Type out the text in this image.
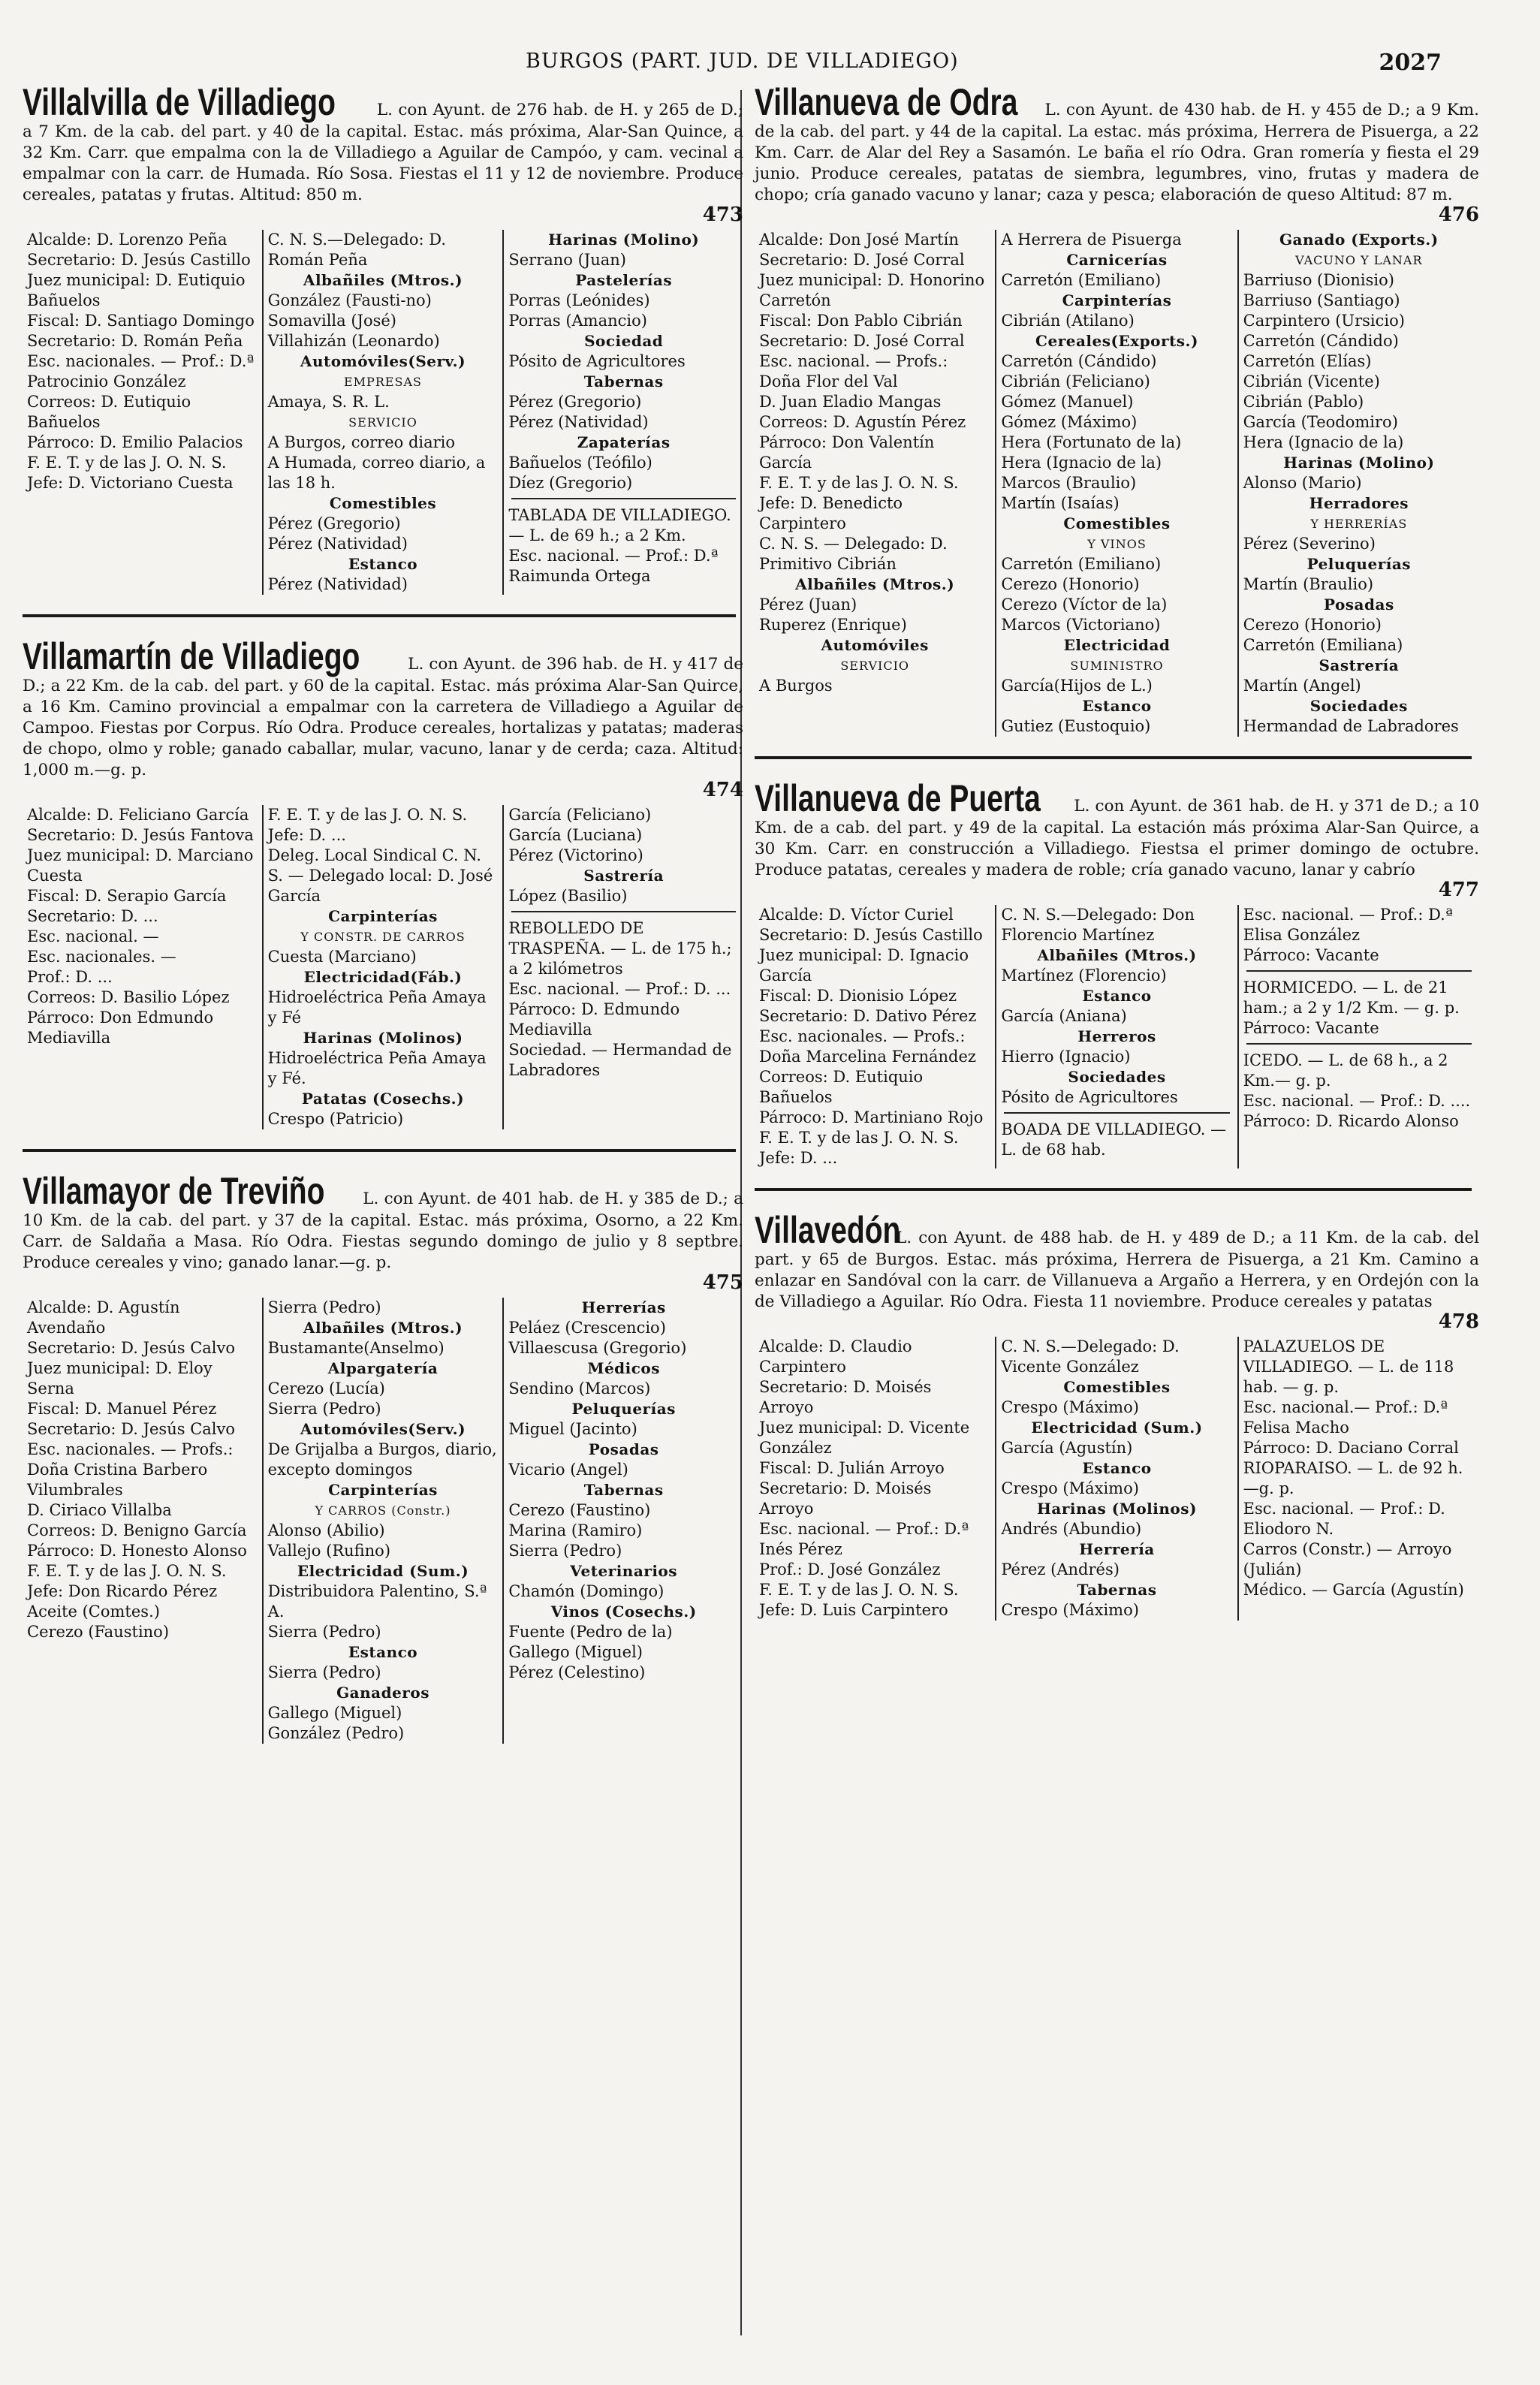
BURGOS (PART. JUD. DE VILLADIEGO)	2027
Villalvilla de Villadiego L. con Ayunt. de 276 hab. de H. y 265 de D.; a 7 Km. de la cab. del part. y 40 de la capital. Estac. más próxima, Alar-San Quince, a 32 Km. Carr. que empalma con la de Villadiego a Aguilar de Campóo, y cam. vecinal a empalmar con la carr. de Humada. Río Sosa. Fiestas el 11 y 12 de noviembre. Produce cereales, patatas y frutas. Altitud: 850 m.
473
Alcalde: D. Lorenzo Peña
Secretario: D. Jesús Castillo
Juez municipal: D. Eutiquio Bañuelos
Fiscal: D. Santiago Domingo
Secretario: D. Román Peña
Esc. nacionales. — Prof.: D.ª Patrocinio González
Correos: D. Eutiquio Bañuelos
Párroco: D. Emilio Palacios
F. E. T. y de las J. O. N. S.
Jefe: D. Victoriano Cuesta
C. N. S.—Delegado: D. Román Peña
Albañiles (Mtros.)
González (Fausti-no)
Somavilla (José)
Villahizán (Leonardo)
Automóviles(Serv.)
EMPRESAS
Amaya, S. R. L.
SERVICIO
A Burgos, correo diario
A Humada, correo diario, a las 18 h.
Comestibles
Pérez (Gregorio)
Pérez (Natividad)
Estanco
Pérez (Natividad)
Harinas (Molino)
Serrano (Juan)
Pastelerías
Porras (Leónides)
Porras (Amancio)
Sociedad
Pósito de Agricultores
Tabernas
Pérez (Gregorio)
Pérez (Natividad)
Zapaterías
Bañuelos (Teófilo)
Díez (Gregorio)
TABLADA DE VILLADIEGO. — L. de 69 h.; a 2 Km.
Esc. nacional. — Prof.: D.ª Raimunda Ortega
Villamartín de Villadiego	L. con Ayunt. de 396 hab. de H. y 417 de D.; a 22 Km. de la cab. del part. y 60 de la capital. Estac. más próxima Alar-San Quirce, a 16 Km. Camino provincial a empalmar con la carretera de Villadiego a Aguilar de Campoo. Fiestas por Corpus. Río Odra. Produce cereales, hortalizas y patatas; maderas de chopo, olmo y roble; ganado caballar, mular, vacuno, lanar y de cerda; caza. Altitud: 1,000 m.—g. p.
474
Alcalde: D. Feliciano García
Secretario: D. Jesús Fantova
Juez municipal: D. Marciano Cuesta
Fiscal: D. Serapio García
Secretario: D. ...
Esc. nacional. —
Esc. nacionales. —
Prof.: D. ...
Correos: D. Basilio López
Párroco: Don Edmundo Mediavilla
F. E. T. y de las J. O. N. S.
Jefe: D. ...
Deleg. Local Sindical C. N. S. — Delegado local: D. José García
Carpinterías
Y CONSTR. DE CARROS
Cuesta (Marciano)
Electricidad(Fáb.)
Hidroeléctrica Peña Amaya y Fé
Harinas (Molinos)
Hidroeléctrica Peña Amaya y Fé.
Patatas (Cosechs.)
Crespo (Patricio)
García (Feliciano)
García (Luciana)
Pérez (Victorino)
Sastrería
López (Basilio)
REBOLLEDO DE TRASPEÑA. — L. de 175 h.; a 2 kilómetros
Esc. nacional. — Prof.: D. ...
Párroco: D. Edmundo Mediavilla
Sociedad. — Hermandad de Labradores
Villamayor de Treviño L. con Ayunt. de 401 hab. de H. y 385 de D.; a 10 Km. de la cab. del part. y 37 de la capital. Estac. más próxima, Osorno, a 22 Km. Carr. de Saldaña a Masa. Río Odra. Fiestas segundo domingo de julio y 8 septbre. Produce cereales y vino; ganado lanar.—g. p.
475
Alcalde: D. Agustín Avendaño
Secretario: D. Jesús Calvo
Juez municipal: D. Eloy Serna
Fiscal: D. Manuel Pérez
Secretario: D. Jesús Calvo
Esc. nacionales. — Profs.: Doña Cristina Barbero
Vilumbrales
D. Ciriaco Villalba
Correos: D. Benigno García
Párroco: D. Honesto Alonso
F. E. T. y de las J. O. N. S.
Jefe: Don Ricardo Pérez
Aceite (Comtes.)
Cerezo (Faustino)
Sierra (Pedro)
Albañiles (Mtros.)
Bustamante(Anselmo)
Alpargatería
Cerezo (Lucía)
Sierra (Pedro)
Automóviles(Serv.)
De Grijalba a Burgos, diario, excepto domingos
Carpinterías
Y CARROS (Constr.)
Alonso (Abilio)
Vallejo (Rufino)
Electricidad (Sum.)
Distribuidora Palentino, S.ª A.
Sierra (Pedro)
Estanco
Sierra (Pedro)
Ganaderos
Gallego (Miguel)
González (Pedro)
Herrerías
Peláez (Crescencio)
Villaescusa (Gregorio)
Médicos
Sendino (Marcos)
Peluquerías
Miguel (Jacinto)
Posadas
Vicario (Angel)
Tabernas
Cerezo (Faustino)
Marina (Ramiro)
Sierra (Pedro)
Veterinarios
Chamón (Domingo)
Vinos (Cosechs.)
Fuente (Pedro de la)
Gallego (Miguel)
Pérez (Celestino)
Villanueva de Odra L. con Ayunt. de 430 hab. de H. y 455 de D.; a 9 Km. de la cab. del part. y 44 de la capital. La estac. más próxima, Herrera de Pisuerga, a 22 Km. Carr. de Alar del Rey a Sasamón. Le baña el río Odra. Gran romería y fiesta el 29 junio. Produce cereales, patatas de siembra, legumbres, vino, frutas y madera de chopo; cría ganado vacuno y lanar; caza y pesca; elaboración de queso Altitud: 87 m.
476
Alcalde: Don José Martín
Secretario: D. José Corral
Juez municipal: D. Honorino Carretón
Fiscal: Don Pablo Cibrián
Secretario: D. José Corral
Esc. nacional. — Profs.: Doña Flor del Val
D. Juan Eladio Mangas
Correos: D. Agustín Pérez
Párroco: Don Valentín García
F. E. T. y de las J. O. N. S.
Jefe: D. Benedicto Carpintero
C. N. S. — Delegado: D. Primitivo Cibrián
Albañiles (Mtros.)
Pérez (Juan)
Ruperez (Enrique)
Automóviles
SERVICIO
A Burgos
A Herrera de Pisuerga
Carnicerías
Carretón (Emiliano)
Carpinterías
Cibrián (Atilano)
Cereales(Exports.)
Carretón (Cándido)
Cibrián (Feliciano)
Gómez (Manuel)
Gómez (Máximo)
Hera (Fortunato de la)
Hera (Ignacio de la)
Marcos (Braulio)
Martín (Isaías)
Comestibles
Y VINOS
Carretón (Emiliano)
Cerezo (Honorio)
Cerezo (Víctor de la)
Marcos (Victoriano)
Electricidad
SUMINISTRO
García(Hijos de L.)
Estanco
Gutiez (Eustoquio)
Ganado (Exports.)
VACUNO Y LANAR
Barriuso (Dionisio)
Barriuso (Santiago)
Carpintero (Ursicio)
Carretón (Cándido)
Carretón (Elías)
Cibrián (Vicente)
Cibrián (Pablo)
García (Teodomiro)
Hera (Ignacio de la)
Harinas (Molino)
Alonso (Mario)
Herradores
Y HERRERÍAS
Pérez (Severino)
Peluquerías
Martín (Braulio)
Posadas
Cerezo (Honorio)
Carretón (Emiliana)
Sastrería
Martín (Angel)
Sociedades
Hermandad de Labradores
Villanueva de Puerta L. con Ayunt. de 361 hab. de H. y 371 de D.; a 10 Km. de a cab. del part. y 49 de la capital. La estación más próxima Alar-San Quirce, a 30 Km. Carr. en construcción a Villadiego. Fiestsa el primer domingo de octubre. Produce patatas, cereales y madera de roble; cría ganado vacuno, lanar y cabrío
477
Alcalde: D. Víctor Curiel
Secretario: D. Jesús Castillo
Juez municipal: D. Ignacio García
Fiscal: D. Dionisio López
Secretario: D. Dativo Pérez
Esc. nacionales. — Profs.: Doña Marcelina Fernández
Correos: D. Eutiquio Bañuelos
Párroco: D. Martiniano Rojo
F. E. T. y de las J. O. N. S.
Jefe: D. ...
C. N. S.—Delegado: Don Florencio Martínez
Albañiles (Mtros.)
Martínez (Florencio)
Estanco
García (Aniana)
Herreros
Hierro (Ignacio)
Sociedades
Pósito de Agricultores
BOADA DE VILLADIEGO. — L. de 68 hab.
Esc. nacional. — Prof.: D.ª Elisa González
Párroco: Vacante
HORMICEDO. — L. de 21 ham.; a 2 y 1/2 Km. — g. p.
Párroco: Vacante
ICEDO. — L. de 68 h., a 2 Km.— g. p.
Esc. nacional. — Prof.: D. ....
Párroco: D. Ricardo Alonso
Villavedón L. con Ayunt. de 488 hab. de H. y 489 de D.; a 11 Km. de la cab. del part. y 65 de Burgos. Estac. más próxima, Herrera de Pisuerga, a 21 Km. Camino a enlazar en Sandóval con la carr. de Villanueva a Argaño a Herrera, y en Ordejón con la de Villadiego a Aguilar. Río Odra. Fiesta 11 noviembre. Produce cereales y patatas
478
Alcalde: D. Claudio Carpintero
Secretario: D. Moisés Arroyo
Juez municipal: D. Vicente González
Fiscal: D. Julián Arroyo
Secretario: D. Moisés Arroyo
Esc. nacional. — Prof.: D.ª Inés Pérez
Prof.: D. José González
F. E. T. y de las J. O. N. S.
Jefe: D. Luis Carpintero
C. N. S.—Delegado: D. Vicente González
Comestibles
Crespo (Máximo)
Electricidad (Sum.)
García (Agustín)
Estanco
Crespo (Máximo)
Harinas (Molinos)
Andrés (Abundio)
Herrería
Pérez (Andrés)
Tabernas
Crespo (Máximo)
PALAZUELOS DE VILLADIEGO. — L. de 118 hab. — g. p.
Esc. nacional.— Prof.: D.ª Felisa Macho
Párroco: D. Daciano Corral
RIOPARAISO. — L. de 92 h.—g. p.
Esc. nacional. — Prof.: D. Eliodoro N.
Carros (Constr.) — Arroyo (Julián)
Médico. — García (Agustín)
